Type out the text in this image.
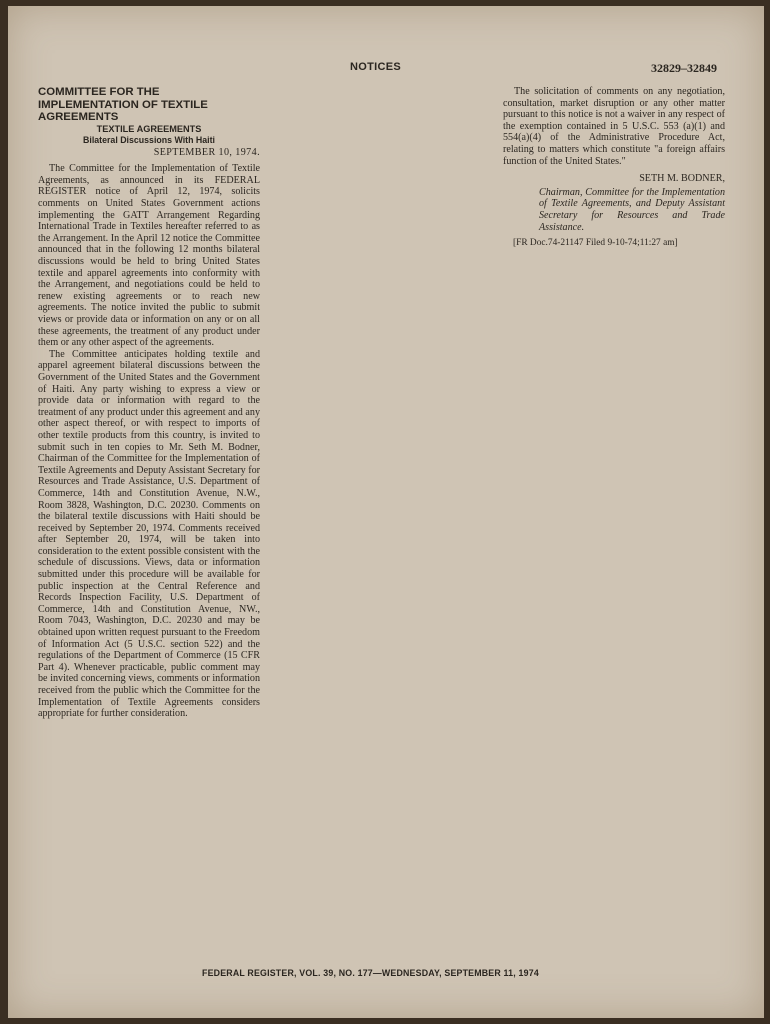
NOTICES	32829–32849

COMMITTEE FOR THE IMPLEMENTATION OF TEXTILE AGREEMENTS

TEXTILE AGREEMENTS

Bilateral Discussions With Haiti

SEPTEMBER 10, 1974.

The Committee for the Implementation of Textile Agreements, as announced in its FEDERAL REGISTER notice of April 12, 1974, solicits comments on United States Government actions implementing the GATT Arrangement Regarding International Trade in Textiles hereafter referred to as the Arrangement. In the April 12 notice the Committee announced that in the following 12 months bilateral discussions would be held to bring United States textile and apparel agreements into conformity with the Arrangement, and negotiations could be held to renew existing agreements or to reach new agreements. The notice invited the public to submit views or provide data or information on any or on all these agreements, the treatment of any product under them or any other aspect of the agreements.

The Committee anticipates holding textile and apparel agreement bilateral discussions between the Government of the United States and the Government of Haiti. Any party wishing to express a view or provide data or information with regard to the treatment of any product under this agreement and any other aspect thereof, or with respect to imports of other textile products from this country, is invited to submit such in ten copies to Mr. Seth M. Bodner, Chairman of the Committee for the Implementation of Textile Agreements and Deputy Assistant Secretary for Resources and Trade Assistance, U.S. Department of Commerce, 14th and Constitution Avenue, N.W., Room 3828, Washington, D.C. 20230. Comments on the bilateral textile discussions with Haiti should be received by September 20, 1974. Comments received after September 20, 1974, will be taken into consideration to the extent possible consistent with the schedule of discussions. Views, data or information submitted under this procedure will be available for public inspection at the Central Reference and Records Inspection Facility, U.S. Department of Commerce, 14th and Constitution Avenue, NW., Room 7043, Washington, D.C. 20230 and may be obtained upon written request pursuant to the Freedom of Information Act (5 U.S.C. section 522) and the regulations of the Department of Commerce (15 CFR Part 4). Whenever practicable, public comment may be invited concerning views, comments or information received from the public which the Committee for the Implementation of Textile Agreements considers appropriate for further consideration.

The solicitation of comments on any negotiation, consultation, market disruption or any other matter pursuant to this notice is not a waiver in any respect of the exemption contained in 5 U.S.C. 553 (a)(1) and 554(a)(4) of the Administrative Procedure Act, relating to matters which constitute "a foreign affairs function of the United States."

SETH M. BODNER,

Chairman, Committee for the Implementation of Textile Agreements, and Deputy Assistant Secretary for Resources and Trade Assistance.

[FR Doc.74-21147 Filed 9-10-74;11:27 am]

FEDERAL REGISTER, VOL. 39, NO. 177—WEDNESDAY, SEPTEMBER 11, 1974
